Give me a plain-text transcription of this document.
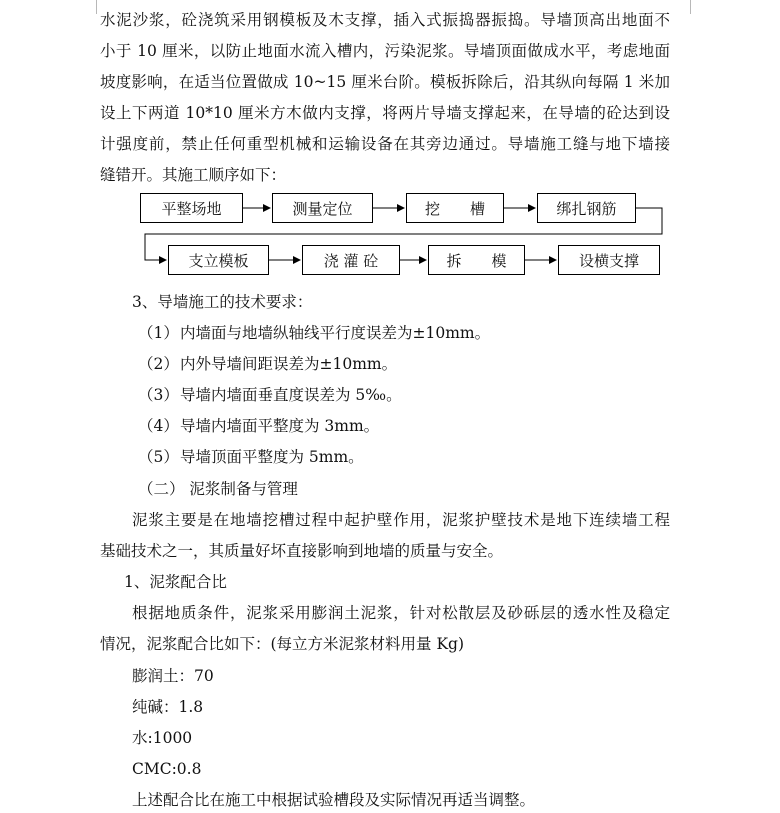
水泥沙浆，砼浇筑采用钢模板及木支撑，插入式振捣器振捣。导墙顶高出地面不
小于 10 厘米，以防止地面水流入槽内，污染泥浆。导墙顶面做成水平，考虑地面
坡度影响，在适当位置做成 10~15 厘米台阶。模板拆除后，沿其纵向每隔 1 米加
设上下两道 10*10 厘米方木做内支撑，将两片导墙支撑起来，在导墙的砼达到设
计强度前，禁止任何重型机械和运输设备在其旁边通过。导墙施工缝与地下墙接
缝错开。其施工顺序如下：
平整场地	测量定位	挖　　槽	绑扎钢筋
支立模板	浇 灌 砼	拆　　模	设横支撑
3、导墙施工的技术要求：
（1）内墙面与地墙纵轴线平行度误差为±10mm。
（2）内外导墙间距误差为±10mm。
（3）导墙内墙面垂直度误差为 5‰。
（4）导墙内墙面平整度为 3mm。
（5）导墙顶面平整度为 5mm。
（二） 泥浆制备与管理
泥浆主要是在地墙挖槽过程中起护壁作用，泥浆护壁技术是地下连续墙工程
基础技术之一，其质量好坏直接影响到地墙的质量与安全。
1、泥浆配合比
根据地质条件，泥浆采用膨润土泥浆，针对松散层及砂砾层的透水性及稳定
情况，泥浆配合比如下：(每立方米泥浆材料用量 Kg)
膨润土：70
纯碱：1.8
水:1000
CMC:0.8
上述配合比在施工中根据试验槽段及实际情况再适当调整。
